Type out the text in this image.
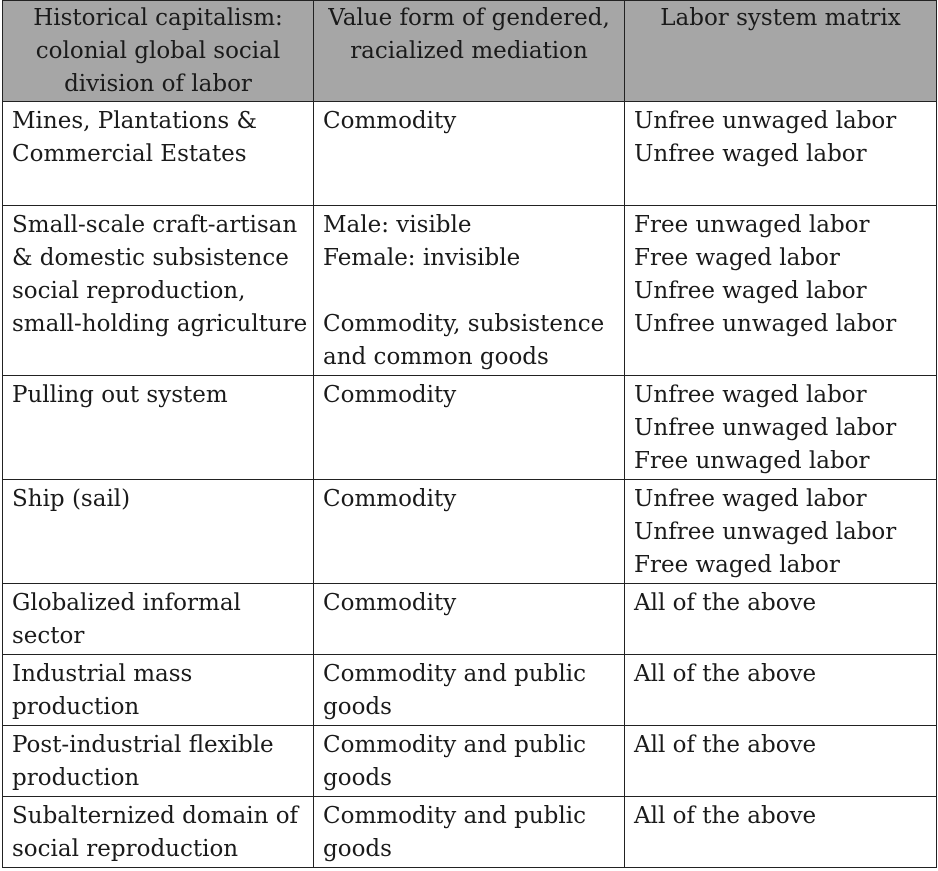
Historical capitalism: colonial global social division of labor	Value form of gendered, racialized mediation	Labor system matrix

Mines, Plantations &
Commercial Estates	Commodity	Unfree unwaged labor
Unfree waged labor

Small-scale craft-artisan
& domestic subsistence
social reproduction,
small-holding agriculture	Male: visible
Female: invisible
Commodity, subsistence
and common goods	Free unwaged labor
Free waged labor
Unfree waged labor
Unfree unwaged labor

Pulling out system	Commodity	Unfree waged labor
Unfree unwaged labor
Free unwaged labor

Ship (sail)	Commodity	Unfree waged labor
Unfree unwaged labor
Free waged labor

Globalized informal
sector	Commodity	All of the above

Industrial mass
production	Commodity and public
goods	All of the above

Post-industrial flexible
production	Commodity and public
goods	All of the above

Subalternized domain of
social reproduction	Commodity and public
goods	All of the above
